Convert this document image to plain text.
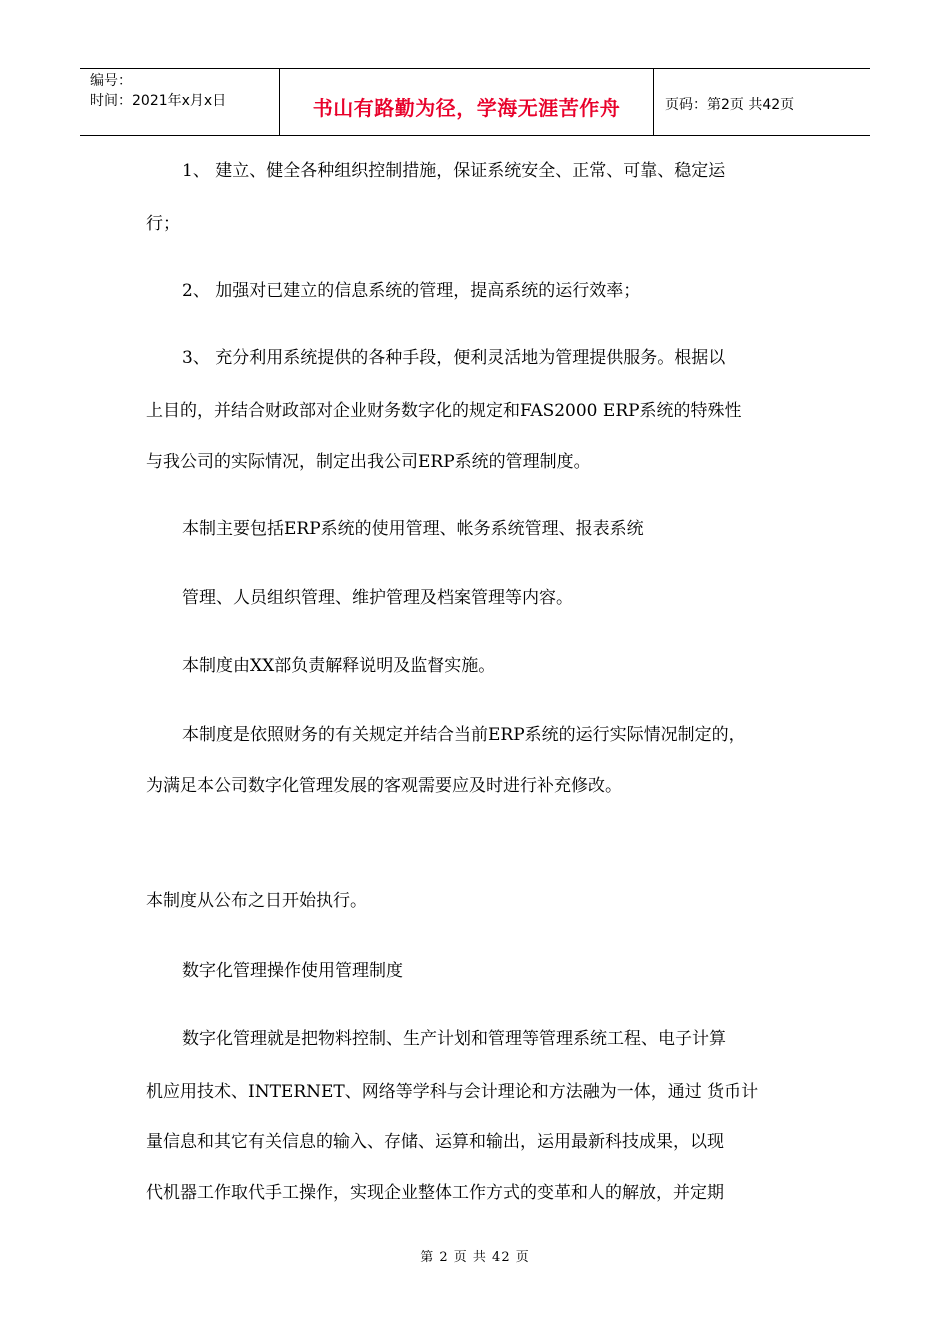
编号：
时间：2021年x月x日	书山有路勤为径，学海无涯苦作舟	页码：第2页 共42页
1、 建立、健全各种组织控制措施，保证系统安全、正常、可靠、稳定运
行；
2、 加强对已建立的信息系统的管理，提高系统的运行效率；
3、 充分利用系统提供的各种手段，便利灵活地为管理提供服务。根据以
上目的，并结合财政部对企业财务数字化的规定和FAS2000 ERP系统的特殊性
与我公司的实际情况，制定出我公司ERP系统的管理制度。
本制主要包括ERP系统的使用管理、帐务系统管理、报表系统
管理、人员组织管理、维护管理及档案管理等内容。
本制度由XX部负责解释说明及监督实施。
本制度是依照财务的有关规定并结合当前ERP系统的运行实际情况制定的，
为满足本公司数字化管理发展的客观需要应及时进行补充修改。
本制度从公布之日开始执行。
数字化管理操作使用管理制度
数字化管理就是把物料控制、生产计划和管理等管理系统工程、电子计算
机应用技术、INTERNET、网络等学科与会计理论和方法融为一体，通过 货币计
量信息和其它有关信息的输入、存储、运算和输出，运用最新科技成果，以现
代机器工作取代手工操作，实现企业整体工作方式的变革和人的解放，并定期
第 2 页 共 42 页
